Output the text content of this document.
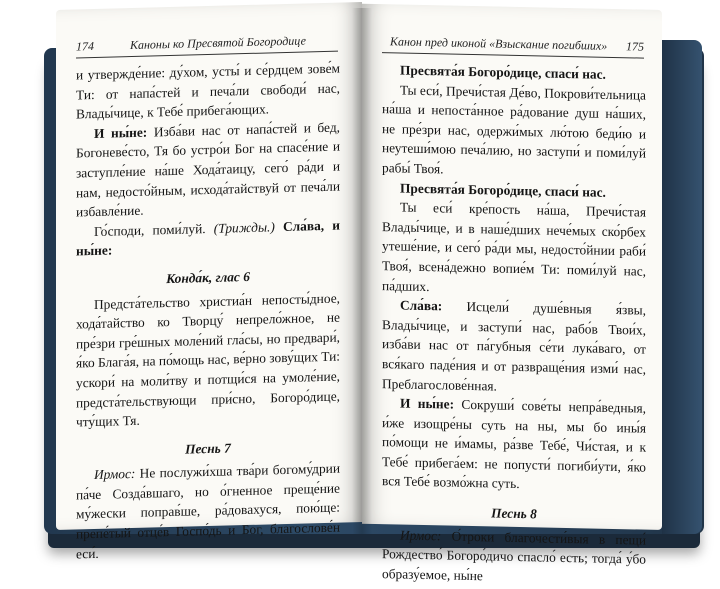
174	Каноны ко Пресвятой Богородице

и утвержде́ние: ду́хом, усты́ и се́рдцем зове́м Ти: от напа́стей и печа́ли свободи́ нас, Влады́чице, к Тебе́ прибега́ющих.

И ны́не: Изба́ви нас от напа́стей и бед, Богоневе́сто, Тя бо устро́и Бог на спасе́ние и заступле́ние на́ше Хода́таицу, сего́ ра́ди и нам, недосто́йным, исхода́тайствуй от печа́ли избавле́ние.

Го́споди, поми́луй. (Трижды.) Сла́ва, и ны́не:

Конда́к, глас 6

Предста́тельство христиа́н непосты́дное, хода́тайство ко Творцу́ непрело́жное, не пре́зри гре́шных моле́ний гла́сы, но предвари́, я́ко Блага́я, на по́мощь нас, ве́рно зову́щих Ти: ускори́ на моли́тву и потщи́ся на умоле́ние, предста́тельствующи при́сно, Богоро́дице, чту́щих Тя.

Песнь 7

Ирмос: Не послужи́хша тва́ри богому́дрии па́че Созда́вшаго, но о́гненное преще́ние му́жески поправ́ше, ра́довахуся, пою́ще: препе́тый отце́в Госпо́дь и Бог, благослове́н еси́.

Канон пред иконой «Взыскание погибших» 175

Пресвята́я Богоро́дице, спаси́ нас.

Ты еси́, Пречи́стая Де́во, Покрови́тельница на́ша и непоста́нное ра́дование душ на́ших, не пре́зри нас, одержи́мых лю́тою беди́ю и неутеши́мою печа́лию, но заступи́ и поми́луй рабы́ Твоя́.

Пресвята́я Богоро́дице, спаси́ нас.

Ты еси́ кре́пость на́ша, Пречи́стая Влады́чице, и в наше́дших нече́мых ско́рбех утеше́ние, и сего́ ра́ди мы, недосто́йнии раби́ Твоя́, всена́дежно вопие́м Ти: поми́луй нас, па́дших.

Сла́ва: Исцели́ душе́вныя я́звы, Влады́чице, и заступи́ нас, рабо́в Твои́х, изба́ви нас от па́губныя се́ти лука́ваго, от вся́каго паде́ния и от развраще́ния изми́ нас, Преблагослове́нная.

И ны́не: Сокруши́ сове́ты непра́ведныя, и́же изощре́ны суть на ны, мы бо ины́я по́мощи не и́мамы, ра́зве Тебе́, Чи́стая, и к Тебе́ прибега́ем: не попусти́ погиби́ути, я́ко вся Тебе́ возмо́жна суть.

Песнь 8

Ирмос: О́троки благочести́выя в пещи́ Рождество́ Богоро́дичо спасло́ есть; тогда́ у́бо образу́емое, ны́не
